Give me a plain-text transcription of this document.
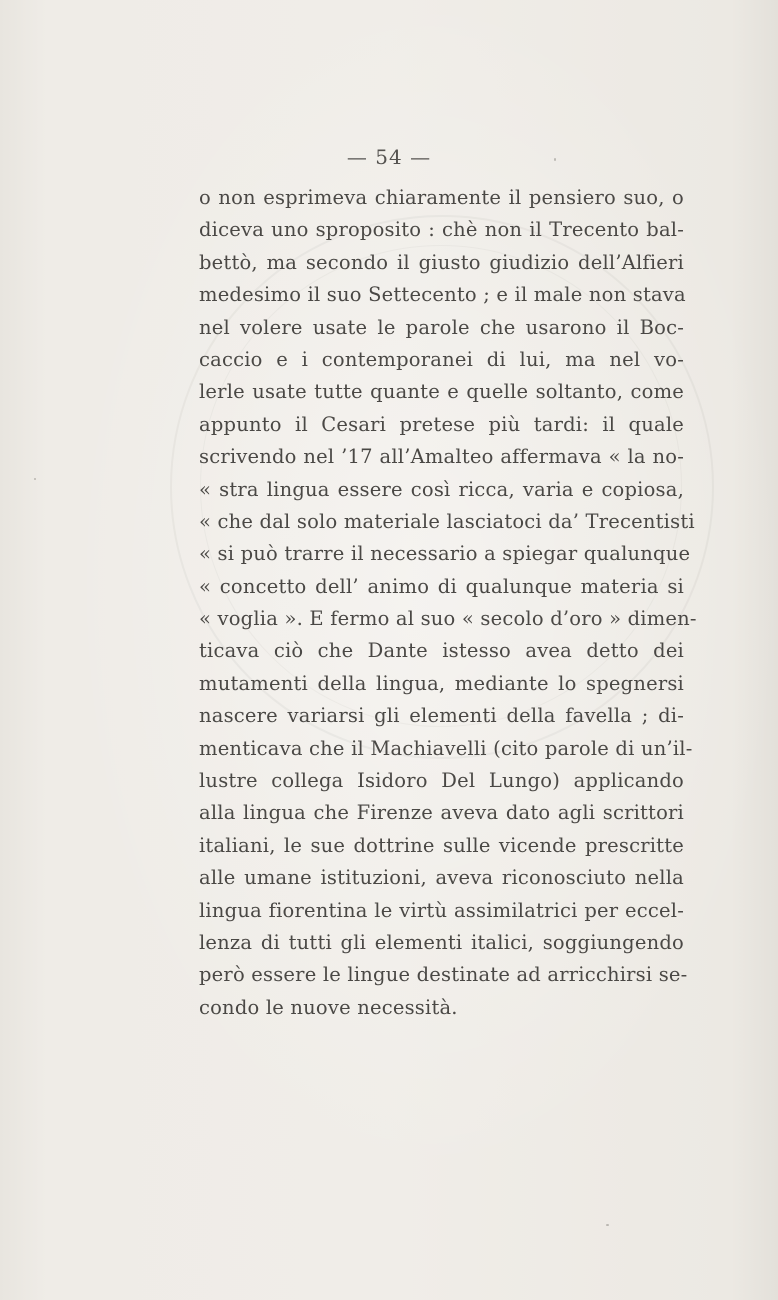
— 54 —
o non esprimeva chiaramente il pensiero suo, o
diceva uno sproposito : chè non il Trecento bal-
bettò, ma secondo il giusto giudizio dell’Alfieri
medesimo il suo Settecento ; e il male non stava
nel volere usate le parole che usarono il Boc-
caccio e i contemporanei di lui, ma nel vo-
lerle usate tutte quante e quelle soltanto, come
appunto il Cesari pretese più tardi: il quale
scrivendo nel ’17 all’Amalteo affermava « la no-
« stra lingua essere così ricca, varia e copiosa,
« che dal solo materiale lasciatoci da’ Trecentisti
« si può trarre il necessario a spiegar qualunque
« concetto dell’ animo di qualunque materia si
« voglia ». E fermo al suo « secolo d’oro » dimen-
ticava ciò che Dante istesso avea detto dei
mutamenti della lingua, mediante lo spegnersi
nascere variarsi gli elementi della favella ; di-
menticava che il Machiavelli (cito parole di un’il-
lustre collega Isidoro Del Lungo) applicando
alla lingua che Firenze aveva dato agli scrittori
italiani, le sue dottrine sulle vicende prescritte
alle umane istituzioni, aveva riconosciuto nella
lingua fiorentina le virtù assimilatrici per eccel-
lenza di tutti gli elementi italici, soggiungendo
però essere le lingue destinate ad arricchirsi se-
condo le nuove necessità.
